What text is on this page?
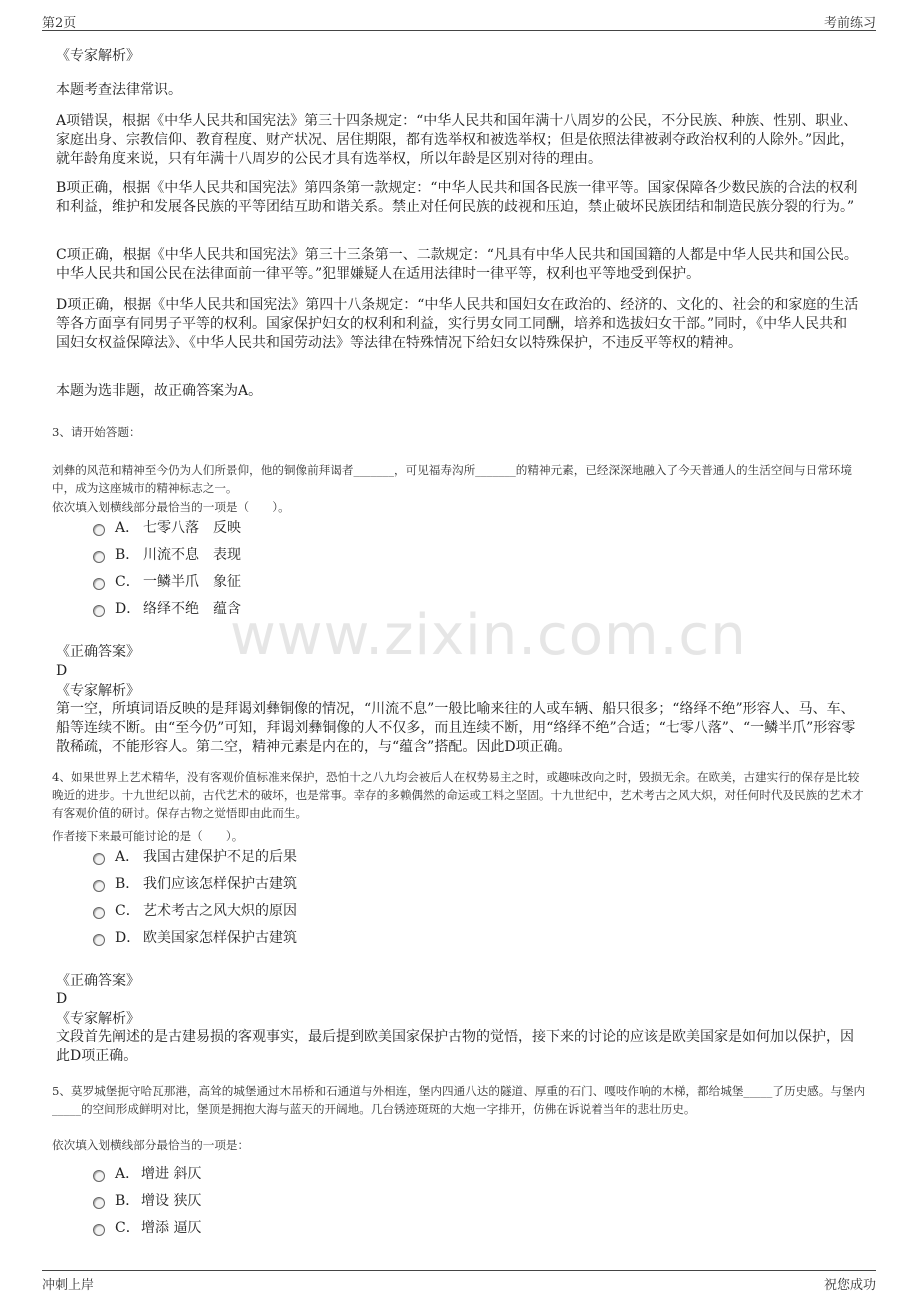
第2页	考前练习
www.zixin.com.cn

《专家解析》

本题考查法律常识。

A项错误，根据《中华人民共和国宪法》第三十四条规定：“中华人民共和国年满十八周岁的公民，不分民族、种族、性别、职业、家庭出身、宗教信仰、教育程度、财产状况、居住期限，都有选举权和被选举权；但是依照法律被剥夺政治权利的人除外。”因此，就年龄角度来说，只有年满十八周岁的公民才具有选举权，所以年龄是区别对待的理由。

B项正确，根据《中华人民共和国宪法》第四条第一款规定：“中华人民共和国各民族一律平等。国家保障各少数民族的合法的权利和利益，维护和发展各民族的平等团结互助和谐关系。禁止对任何民族的歧视和压迫，禁止破坏民族团结和制造民族分裂的行为。”

C项正确，根据《中华人民共和国宪法》第三十三条第一、二款规定：“凡具有中华人民共和国国籍的人都是中华人民共和国公民。中华人民共和国公民在法律面前一律平等。”犯罪嫌疑人在适用法律时一律平等，权利也平等地受到保护。

D项正确，根据《中华人民共和国宪法》第四十八条规定：“中华人民共和国妇女在政治的、经济的、文化的、社会的和家庭的生活等各方面享有同男子平等的权利。国家保护妇女的权利和利益，实行男女同工同酬，培养和选拔妇女干部。”同时，《中华人民共和国妇女权益保障法》、《中华人民共和国劳动法》等法律在特殊情况下给妇女以特殊保护，不违反平等权的精神。

本题为选非题，故正确答案为A。

3、请开始答题：

刘彝的风范和精神至今仍为人们所景仰，他的铜像前拜谒者_______，可见福寿沟所_______的精神元素，已经深深地融入了今天普通人的生活空间与日常环境中，成为这座城市的精神标志之一。

依次填入划横线部分最恰当的一项是（　　）。

A． 七零八落　反映
B． 川流不息　表现
C． 一鳞半爪　象征
D． 络绎不绝　蕴含

《正确答案》

D

《专家解析》

第一空，所填词语反映的是拜谒刘彝铜像的情况，“川流不息”一般比喻来往的人或车辆、船只很多；“络绎不绝”形容人、马、车、船等连续不断。由“至今仍”可知，拜谒刘彝铜像的人不仅多，而且连续不断，用“络绎不绝”合适；“七零八落”、“一鳞半爪”形容零散稀疏，不能形容人。第二空，精神元素是内在的，与“蕴含”搭配。因此D项正确。

4、如果世界上艺术精华，没有客观价值标准来保护，恐怕十之八九均会被后人在权势易主之时，或趣味改向之时，毁损无余。在欧美，古建实行的保存是比较晚近的进步。十九世纪以前，古代艺术的破坏，也是常事。幸存的多赖偶然的命运或工料之坚固。十九世纪中，艺术考古之风大炽，对任何时代及民族的艺术才有客观价值的研讨。保存古物之觉悟即由此而生。

作者接下来最可能讨论的是（　　）。

A． 我国古建保护不足的后果
B． 我们应该怎样保护古建筑
C． 艺术考古之风大炽的原因
D． 欧美国家怎样保护古建筑

《正确答案》

D

《专家解析》

文段首先阐述的是古建易损的客观事实，最后提到欧美国家保护古物的觉悟，接下来的讨论的应该是欧美国家是如何加以保护，因此D项正确。

5、莫罗城堡扼守哈瓦那港，高耸的城堡通过木吊桥和石通道与外相连，堡内四通八达的隧道、厚重的石门、嘎吱作响的木梯，都给城堡_____了历史感。与堡内_____的空间形成鲜明对比，堡顶是拥抱大海与蓝天的开阔地。几台锈迹斑斑的大炮一字排开，仿佛在诉说着当年的悲壮历史。

依次填入划横线部分最恰当的一项是：

A． 增进 斜仄
B． 增设 狭仄
C．增添 逼仄
冲刺上岸	祝您成功
